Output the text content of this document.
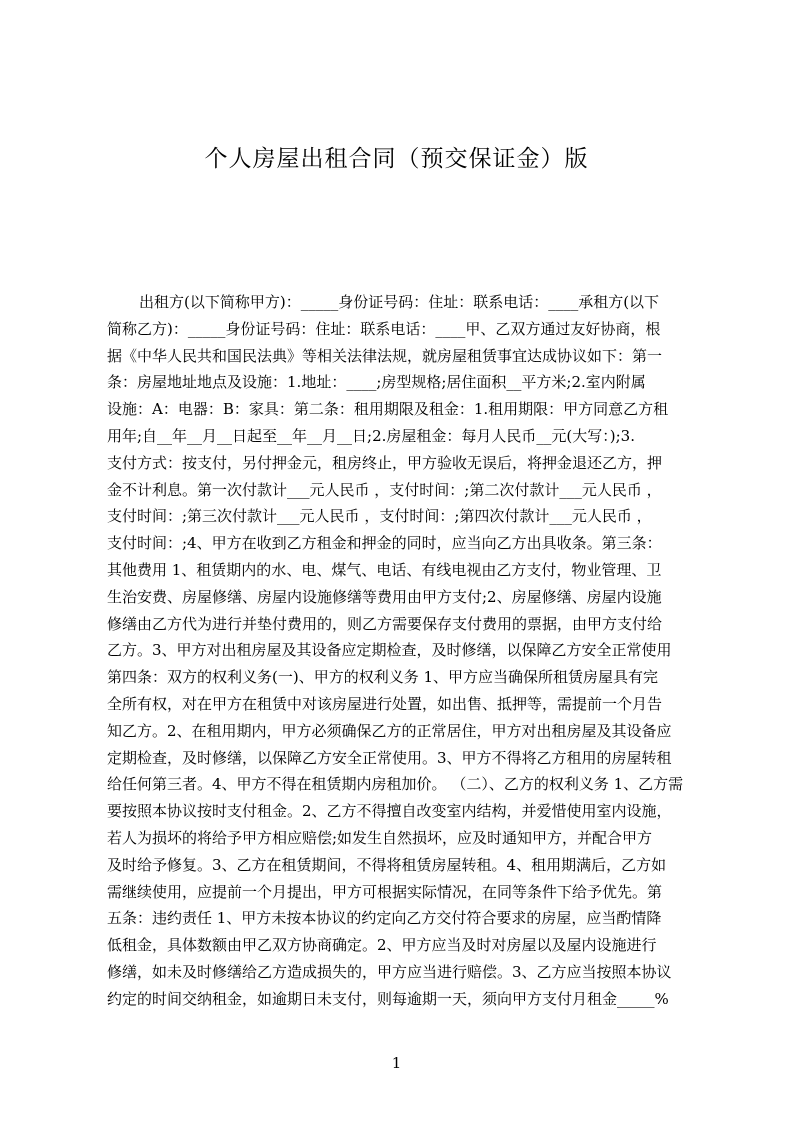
个人房屋出租合同（预交保证金）版
出租方(以下简称甲方)：_____身份证号码：住址：联系电话：____承租方(以下
简称乙方)：_____身份证号码：住址：联系电话：____甲、乙双方通过友好协商，根
据《中华人民共和国民法典》等相关法律法规，就房屋租赁事宜达成协议如下：第一
条：房屋地址地点及设施：1.地址：____;房型规格;居住面积__平方米;2.室内附属
设施：A：电器：B：家具：第二条：租用期限及租金：1.租用期限：甲方同意乙方租
用年;自__年__月__日起至__年__月__日;2.房屋租金：每月人民币__元(大写：);3.
支付方式：按支付，另付押金元，租房终止，甲方验收无误后，将押金退还乙方，押
金不计利息。第一次付款计___元人民币 ，支付时间：;第二次付款计___元人民币 ，
支付时间：;第三次付款计___元人民币 ，支付时间：;第四次付款计___元人民币 ，
支付时间：;4、甲方在收到乙方租金和押金的同时，应当向乙方出具收条。第三条：
其他费用 1、租赁期内的水、电、煤气、电话、有线电视由乙方支付，物业管理、卫
生治安费、房屋修缮、房屋内设施修缮等费用由甲方支付;2、房屋修缮、房屋内设施
修缮由乙方代为进行并垫付费用的，则乙方需要保存支付费用的票据，由甲方支付给
乙方。3、甲方对出租房屋及其设备应定期检查，及时修缮，以保障乙方安全正常使用
第四条：双方的权利义务(一)、甲方的权利义务 1、甲方应当确保所租赁房屋具有完
全所有权，对在甲方在租赁中对该房屋进行处置，如出售、抵押等，需提前一个月告
知乙方。2、在租用期内，甲方必须确保乙方的正常居住，甲方对出租房屋及其设备应
定期检查，及时修缮，以保障乙方安全正常使用。3、甲方不得将乙方租用的房屋转租
给任何第三者。4、甲方不得在租赁期内房租加价。 （二）、乙方的权利义务 1、乙方需
要按照本协议按时支付租金。2、乙方不得擅自改变室内结构，并爱惜使用室内设施，
若人为损坏的将给予甲方相应赔偿;如发生自然损坏，应及时通知甲方，并配合甲方
及时给予修复。3、乙方在租赁期间，不得将租赁房屋转租。4、租用期满后，乙方如
需继续使用，应提前一个月提出，甲方可根据实际情况，在同等条件下给予优先。第
五条：违约责任 1、甲方未按本协议的约定向乙方交付符合要求的房屋，应当酌情降
低租金，具体数额由甲乙双方协商确定。2、甲方应当及时对房屋以及屋内设施进行
修缮，如未及时修缮给乙方造成损失的，甲方应当进行赔偿。3、乙方应当按照本协议
约定的时间交纳租金，如逾期日未支付，则每逾期一天，须向甲方支付月租金_____%
1
